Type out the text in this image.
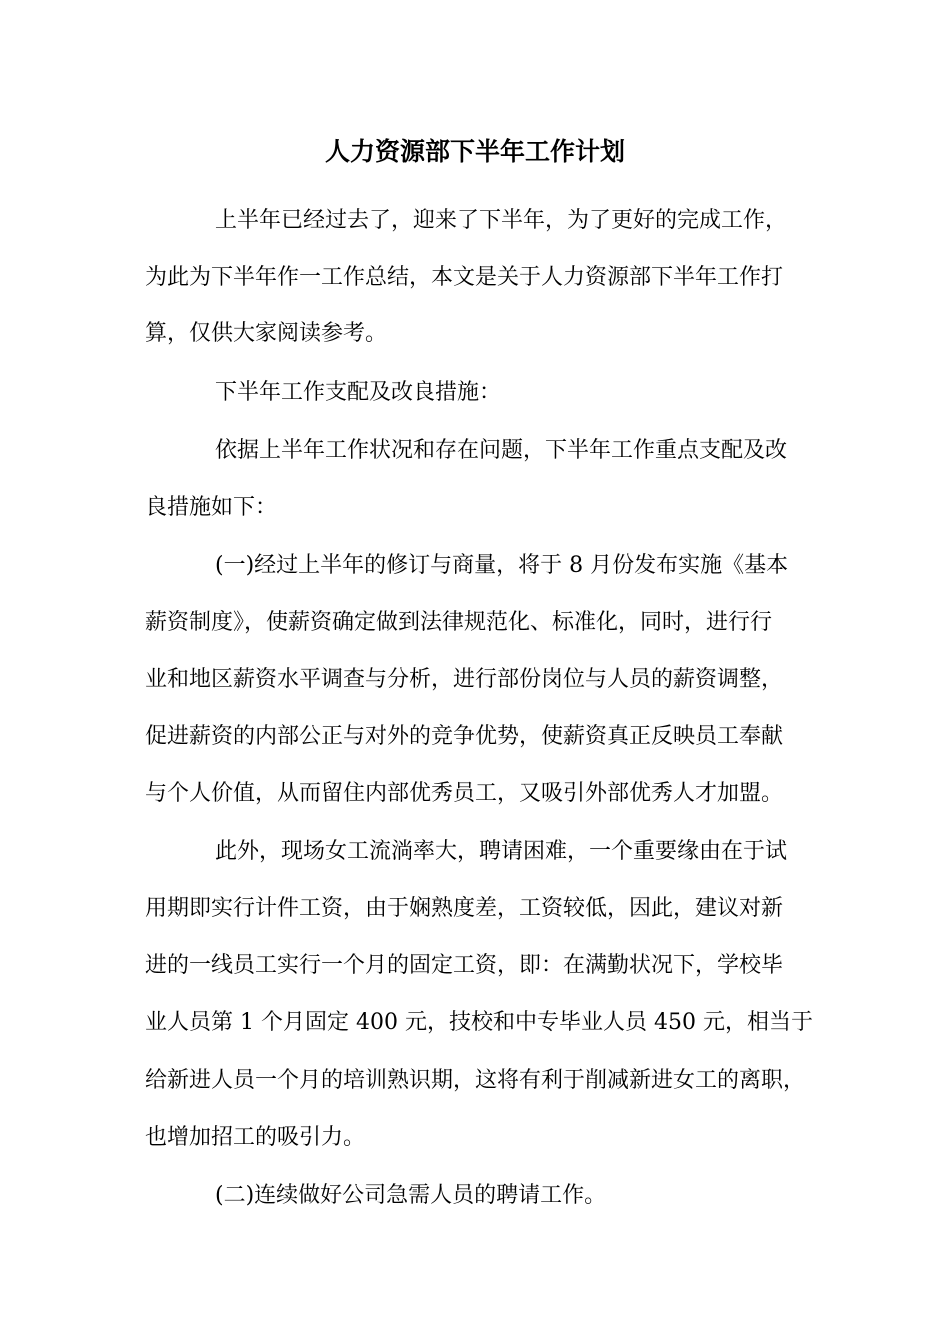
人力资源部下半年工作计划

上半年已经过去了，迎来了下半年，为了更好的完成工作，

为此为下半年作一工作总结，本文是关于人力资源部下半年工作打

算，仅供大家阅读参考。

下半年工作支配及改良措施：

依据上半年工作状况和存在问题，下半年工作重点支配及改

良措施如下：

(一)经过上半年的修订与商量，将于 8 月份发布实施《基本

薪资制度》，使薪资确定做到法律规范化、标准化，同时，进行行

业和地区薪资水平调查与分析，进行部份岗位与人员的薪资调整，

促进薪资的内部公正与对外的竞争优势，使薪资真正反映员工奉献

与个人价值，从而留住内部优秀员工，又吸引外部优秀人才加盟。

此外，现场女工流淌率大，聘请困难，一个重要缘由在于试

用期即实行计件工资，由于娴熟度差，工资较低，因此，建议对新

进的一线员工实行一个月的固定工资，即：在满勤状况下，学校毕

业人员第 1 个月固定 400 元，技校和中专毕业人员 450 元，相当于

给新进人员一个月的培训熟识期，这将有利于削减新进女工的离职，

也增加招工的吸引力。

(二)连续做好公司急需人员的聘请工作。
